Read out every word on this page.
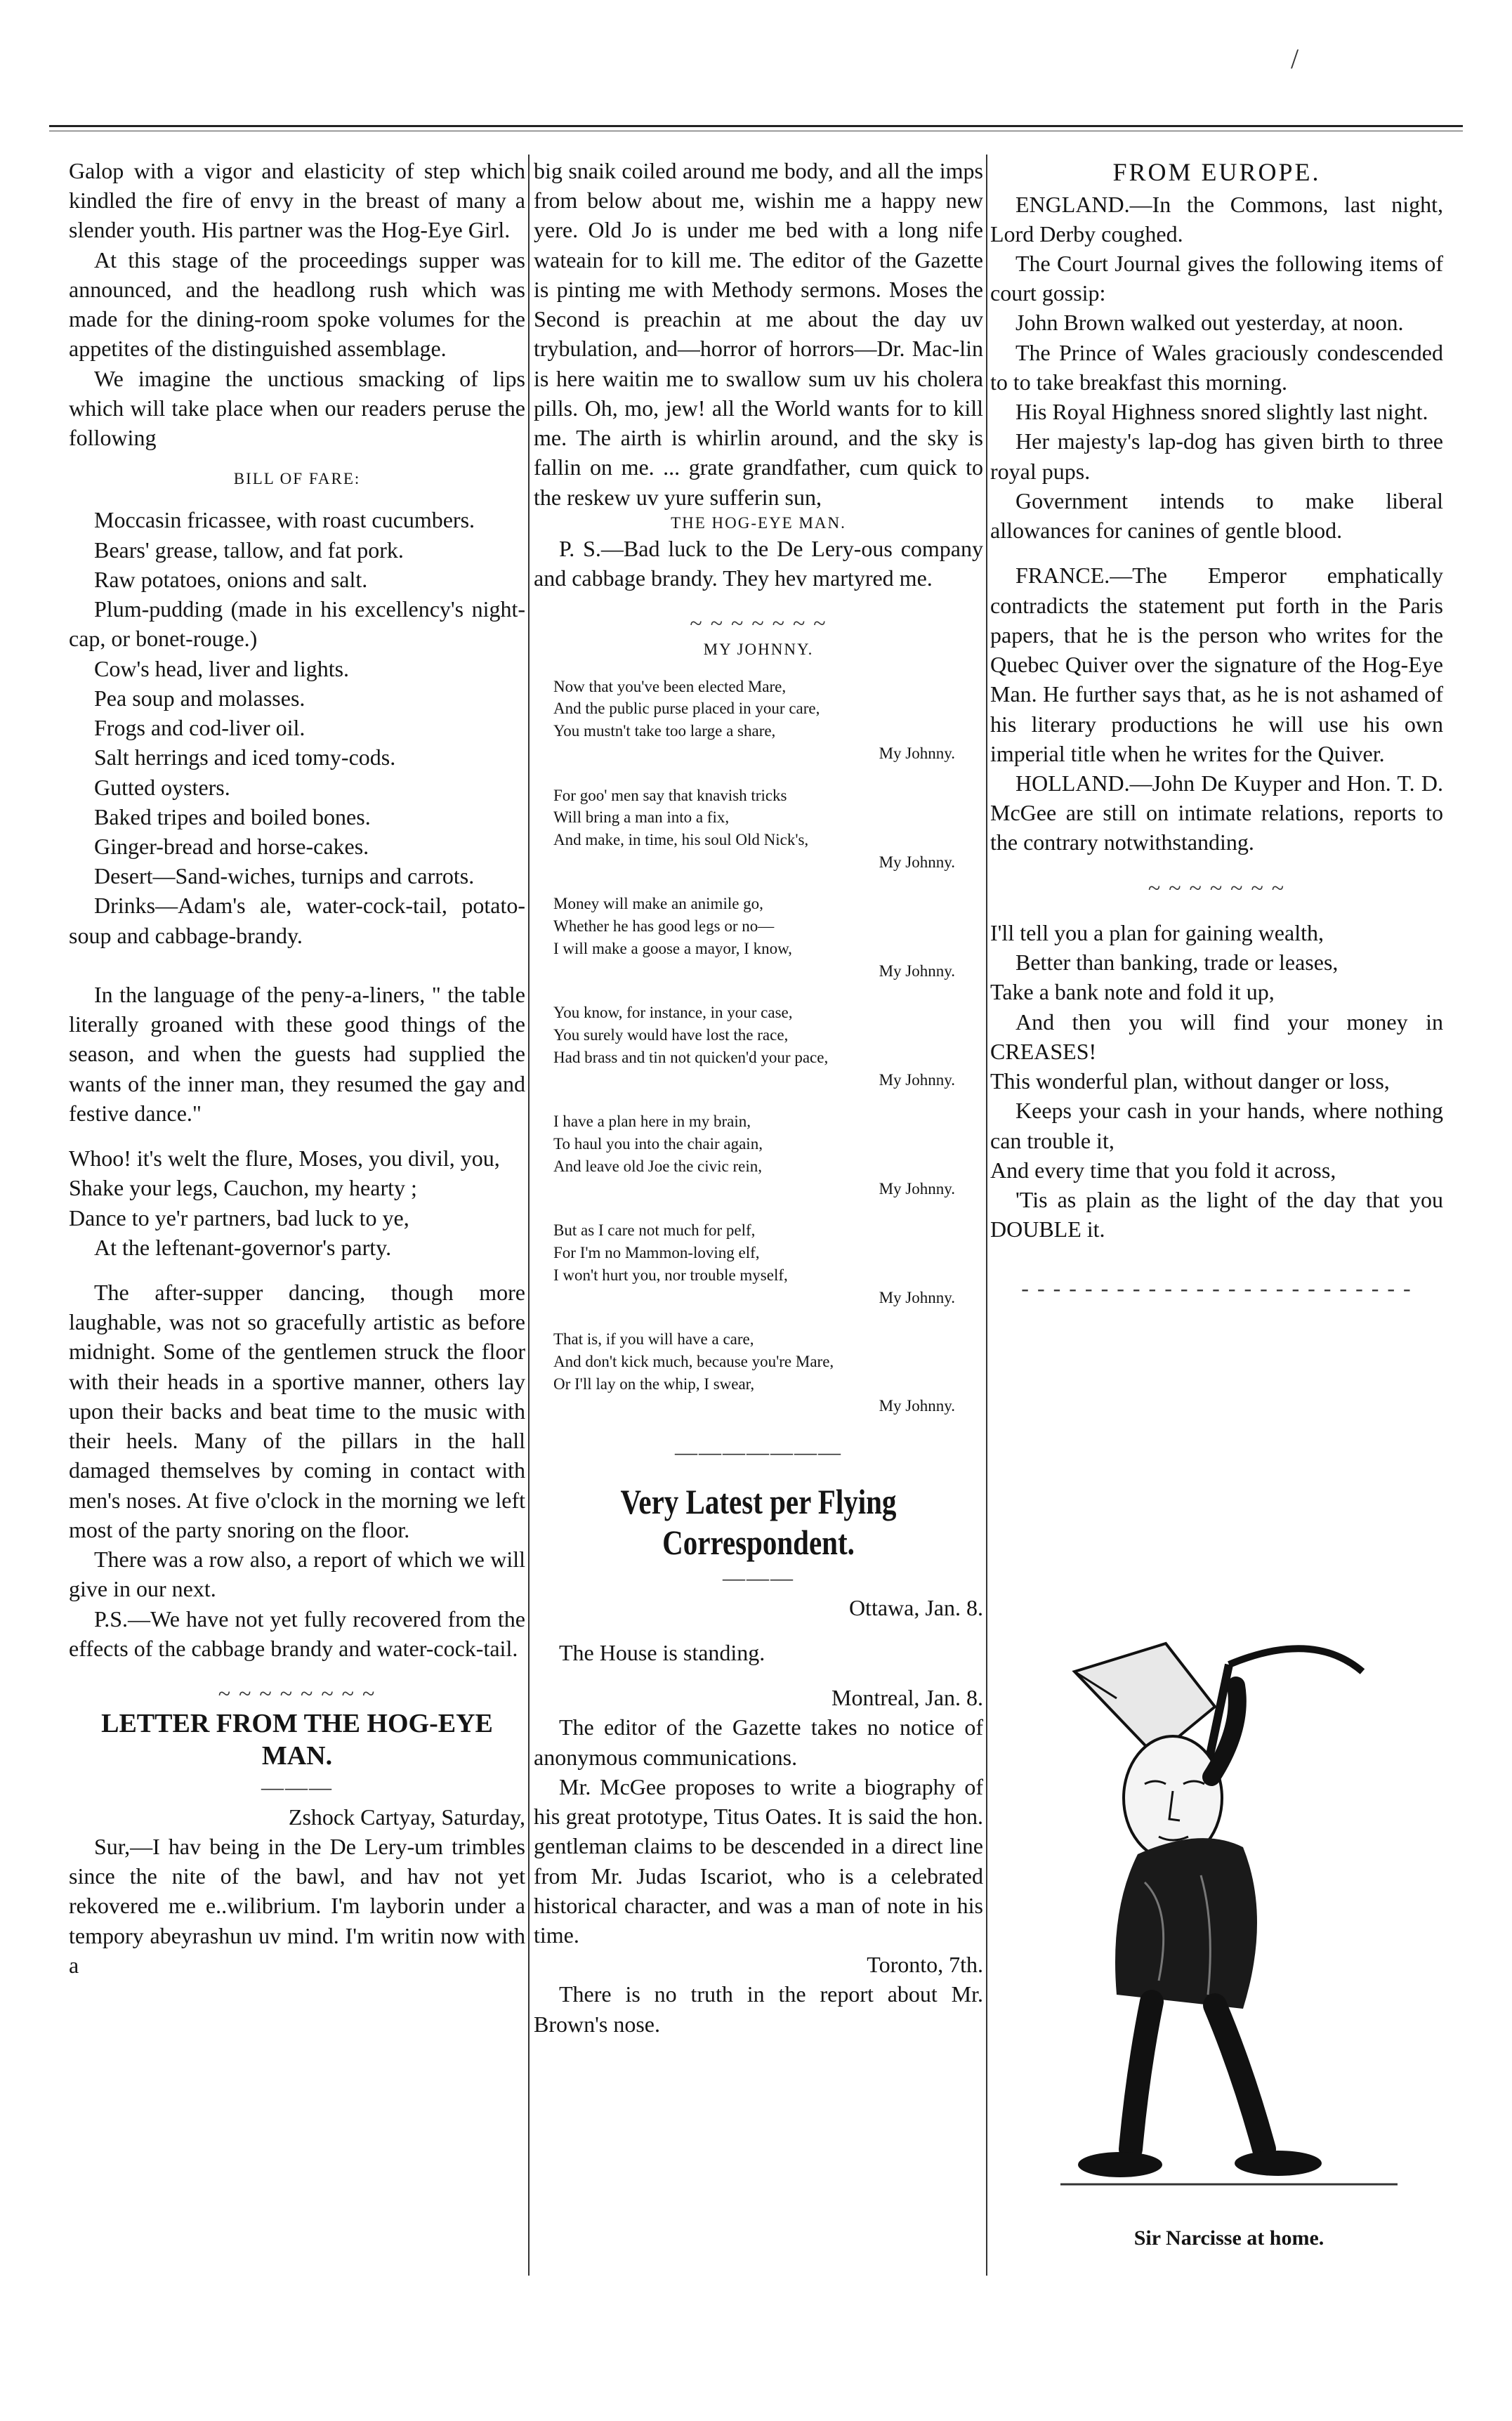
/

Galop with a vigor and elasticity of step which kindled the fire of envy in the breast of many a slender youth. His partner was the Hog-Eye Girl.

At this stage of the proceedings supper was announced, and the headlong rush which was made for the dining-room spoke volumes for the appetites of the distinguished assemblage.

We imagine the unctious smacking of lips which will take place when our readers peruse the following

BILL OF FARE:

Moccasin fricassee, with roast cucumbers.

Bears' grease, tallow, and fat pork.

Raw potatoes, onions and salt.

Plum-pudding (made in his excellency's night-cap, or bonet-rouge.)

Cow's head, liver and lights.

Pea soup and molasses.

Frogs and cod-liver oil.

Salt herrings and iced tomy-cods.

Gutted oysters.

Baked tripes and boiled bones.

Ginger-bread and horse-cakes.

Desert—Sand-wiches, turnips and carrots.

Drinks—Adam's ale, water-cock-tail, potato-soup and cabbage-brandy.

In the language of the peny-a-liners, " the table literally groaned with these good things of the season, and when the guests had supplied the wants of the inner man, they resumed the gay and festive dance."

Whoo! it's welt the flure, Moses, you divil, you,

Shake your legs, Cauchon, my hearty ;

Dance to ye'r partners, bad luck to ye,

At the leftenant-governor's party.

The after-supper dancing, though more laughable, was not so gracefully artistic as before midnight. Some of the gentlemen struck the floor with their heads in a sportive manner, others lay upon their backs and beat time to the music with their heels. Many of the pillars in the hall damaged themselves by coming in contact with men's noses. At five o'clock in the morning we left most of the party snoring on the floor.

There was a row also, a report of which we will give in our next.

P.S.—We have not yet fully recovered from the effects of the cabbage brandy and water-cock-tail.

~ ~ ~ ~ ~ ~ ~ ~

LETTER FROM THE HOG-EYE MAN.

———

Zshock Cartyay, Saturday,

Sur,—I hav being in the De Lery-um trimbles since the nite of the bawl, and hav not yet rekovered me e..wilibrium. I'm layborin under a tempory abeyrashun uv mind. I'm writin now with a

big snaik coiled around me body, and all the imps from below about me, wishin me a happy new yere. Old Jo is under me bed with a long nife wateain for to kill me. The editor of the Gazette is pinting me with Methody sermons. Moses the Second is preachin at me about the day uv trybulation, and—horror of horrors—Dr. Mac-lin is here waitin me to swallow sum uv his cholera pills. Oh, mo, jew! all the World wants for to kill me. The airth is whirlin around, and the sky is fallin on me. ... grate grandfather, cum quick to the reskew uv yure sufferin sun,

THE HOG-EYE MAN.

P. S.—Bad luck to the De Lery-ous company and cabbage brandy. They hev martyred me.

~ ~ ~ ~ ~ ~ ~

MY JOHNNY.

Now that you've been elected Mare,

And the public purse placed in your care,

You mustn't take too large a share,

My Johnny.

For goo' men say that knavish tricks

Will bring a man into a fix,

And make, in time, his soul Old Nick's,

My Johnny.

Money will make an animile go,

Whether he has good legs or no—

I will make a goose a mayor, I know,

My Johnny.

You know, for instance, in your case,

You surely would have lost the race,

Had brass and tin not quicken'd your pace,

My Johnny.

I have a plan here in my brain,

To haul you into the chair again,

And leave old Joe the civic rein,

My Johnny.

But as I care not much for pelf,

For I'm no Mammon-loving elf,

I won't hurt you, nor trouble myself,

My Johnny.

That is, if you will have a care,

And don't kick much, because you're Mare,

Or I'll lay on the whip, I swear,

My Johnny.

———————

Very Latest per Flying Correspondent.

———

Ottawa, Jan. 8.

The House is standing.

Montreal, Jan. 8.

The editor of the Gazette takes no notice of anonymous communications.

Mr. McGee proposes to write a biography of his great prototype, Titus Oates. It is said the hon. gentleman claims to be descended in a direct line from Mr. Judas Iscariot, who is a celebrated historical character, and was a man of note in his time.

Toronto, 7th.

There is no truth in the report about Mr. Brown's nose.

FROM EUROPE.

ENGLAND.—In the Commons, last night, Lord Derby coughed.

The Court Journal gives the following items of court gossip:

John Brown walked out yesterday, at noon.

The Prince of Wales graciously condescended to to take breakfast this morning.

His Royal Highness snored slightly last night.

Her majesty's lap-dog has given birth to three royal pups.

Government intends to make liberal allowances for canines of gentle blood.

FRANCE.—The Emperor emphatically contradicts the statement put forth in the Paris papers, that he is the person who writes for the Quebec Quiver over the signature of the Hog-Eye Man. He further says that, as he is not ashamed of his literary productions he will use his own imperial title when he writes for the Quiver.

HOLLAND.—John De Kuyper and Hon. T. D. McGee are still on intimate relations, reports to the contrary notwithstanding.

~ ~ ~ ~ ~ ~ ~

I'll tell you a plan for gaining wealth,

Better than banking, trade or leases,

Take a bank note and fold it up,

And then you will find your money in CREASES!

This wonderful plan, without danger or loss,

Keeps your cash in your hands, where nothing can trouble it,

And every time that you fold it across,

'Tis as plain as the light of the day that you DOUBLE it.

- - - - - - - - - - - - - - - - - - - - - - - - -
Sir Narcisse at home.
